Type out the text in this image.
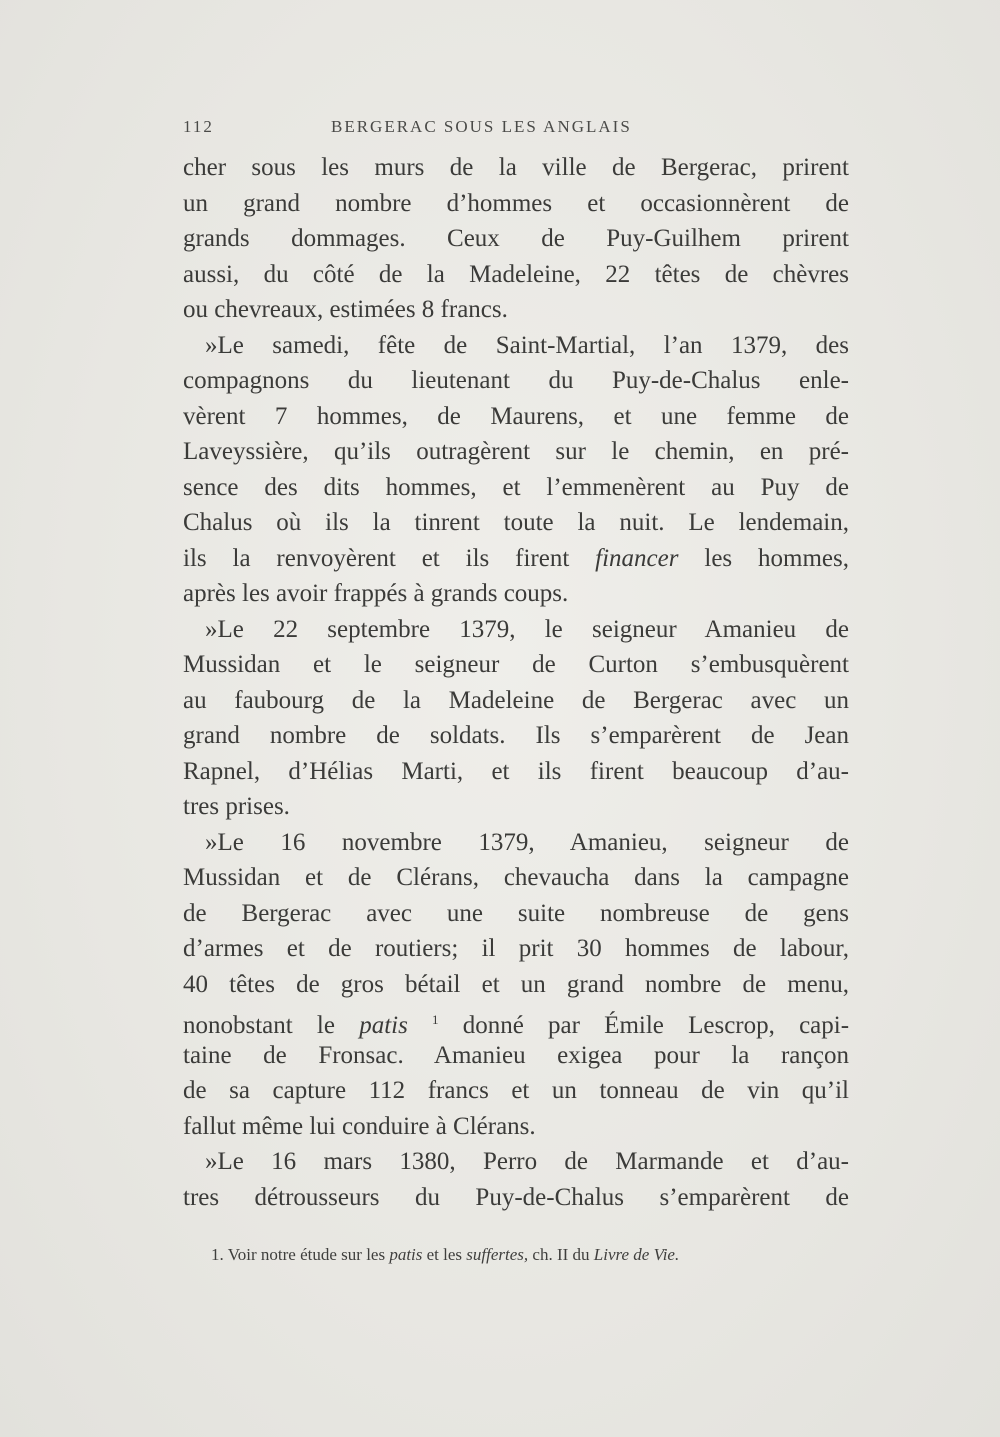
112	BERGERAC SOUS LES ANGLAIS
cher sous les murs de la ville de Bergerac, prirent
un grand nombre d’hommes et occasionnèrent de
grands dommages. Ceux de Puy-Guilhem prirent
aussi, du côté de la Madeleine, 22 têtes de chèvres
ou chevreaux, estimées 8 francs.
»Le samedi, fête de Saint-Martial, l’an 1379, des
compagnons du lieutenant du Puy-de-Chalus enle-
vèrent 7 hommes, de Maurens, et une femme de
Laveyssière, qu’ils outragèrent sur le chemin, en pré-
sence des dits hommes, et l’emmenèrent au Puy de
Chalus où ils la tinrent toute la nuit. Le lendemain,
ils la renvoyèrent et ils firent financer les hommes,
après les avoir frappés à grands coups.
»Le 22 septembre 1379, le seigneur Amanieu de
Mussidan et le seigneur de Curton s’embusquèrent
au faubourg de la Madeleine de Bergerac avec un
grand nombre de soldats. Ils s’emparèrent de Jean
Rapnel, d’Hélias Marti, et ils firent beaucoup d’au-
tres prises.
»Le 16 novembre 1379, Amanieu, seigneur de
Mussidan et de Clérans, chevaucha dans la campagne
de Bergerac avec une suite nombreuse de gens
d’armes et de routiers; il prit 30 hommes de labour,
40 têtes de gros bétail et un grand nombre de menu,
nonobstant le patis $^1$ donné par Émile Lescrop, capi-
taine de Fronsac. Amanieu exigea pour la rançon
de sa capture 112 francs et un tonneau de vin qu’il
fallut même lui conduire à Clérans.
»Le 16 mars 1380, Perro de Marmande et d’au-
tres détrousseurs du Puy-de-Chalus s’emparèrent de
1. Voir notre étude sur les patis et les suffertes, ch. II du Livre de Vie.
